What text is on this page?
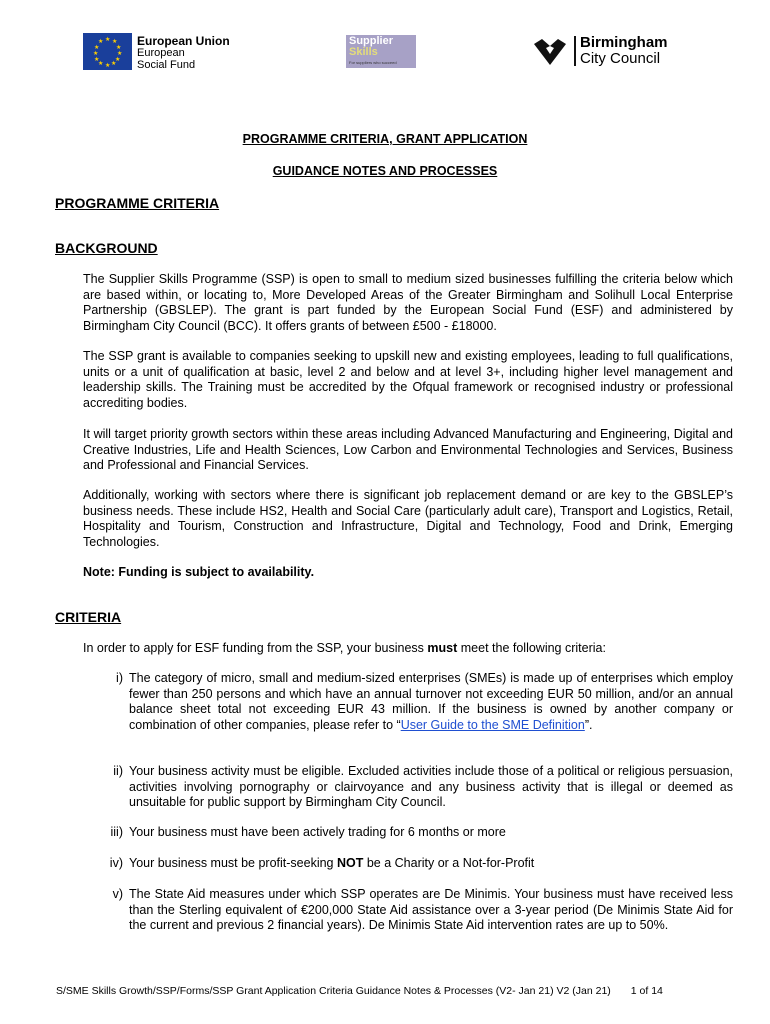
★ ★
★
★
★
★
★
★
★
★
★
★	European Union
European
Social Fund
Supplier
Skills
For suppliers who succeed
Birmingham
City Council
PROGRAMME CRITERIA, GRANT APPLICATION
GUIDANCE NOTES AND PROCESSES
PROGRAMME CRITERIA
BACKGROUND
The Supplier Skills Programme (SSP) is open to small to medium sized businesses fulfilling the criteria below which are based within, or locating to, More Developed Areas of the Greater Birmingham and Solihull Local Enterprise Partnership (GBSLEP). The grant is part funded by the European Social Fund (ESF) and administered by Birmingham City Council (BCC). It offers grants of between £500 - £18000.
The SSP grant is available to companies seeking to upskill new and existing employees, leading to full qualifications, units or a unit of qualification at basic, level 2 and below and at level 3+, including higher level management and leadership skills. The Training must be accredited by the Ofqual framework or recognised industry or professional accrediting bodies.
It will target priority growth sectors within these areas including Advanced Manufacturing and Engineering, Digital and Creative Industries, Life and Health Sciences, Low Carbon and Environmental Technologies and Services, Business and Professional and Financial Services.
Additionally, working with sectors where there is significant job replacement demand or are key to the GBSLEP’s business needs. These include HS2, Health and Social Care (particularly adult care), Transport and Logistics, Retail, Hospitality and Tourism, Construction and Infrastructure, Digital and Technology, Food and Drink, Emerging Technologies.
Note: Funding is subject to availability.
CRITERIA
In order to apply for ESF funding from the SSP, your business must meet the following criteria:
i) The category of micro, small and medium-sized enterprises (SMEs) is made up of enterprises which employ fewer than 250 persons and which have an annual turnover not exceeding EUR 50 million, and/or an annual balance sheet total not exceeding EUR 43 million. If the business is owned by another company or combination of other companies, please refer to “User Guide to the SME Definition”.
ii) Your business activity must be eligible. Excluded activities include those of a political or religious persuasion, activities involving pornography or clairvoyance and any business activity that is illegal or deemed as unsuitable for public support by Birmingham City Council.
iii) Your business must have been actively trading for 6 months or more
iv) Your business must be profit-seeking NOT be a Charity or a Not-for-Profit
v) The State Aid measures under which SSP operates are De Minimis. Your business must have received less than the Sterling equivalent of €200,000 State Aid assistance over a 3-year period (De Minimis State Aid for the current and previous 2 financial years). De Minimis State Aid intervention rates are up to 50%.
S/SME Skills Growth/SSP/Forms/SSP Grant Application Criteria Guidance Notes & Processes (V2- Jan 21) V2 (Jan 21) 1 of 14
